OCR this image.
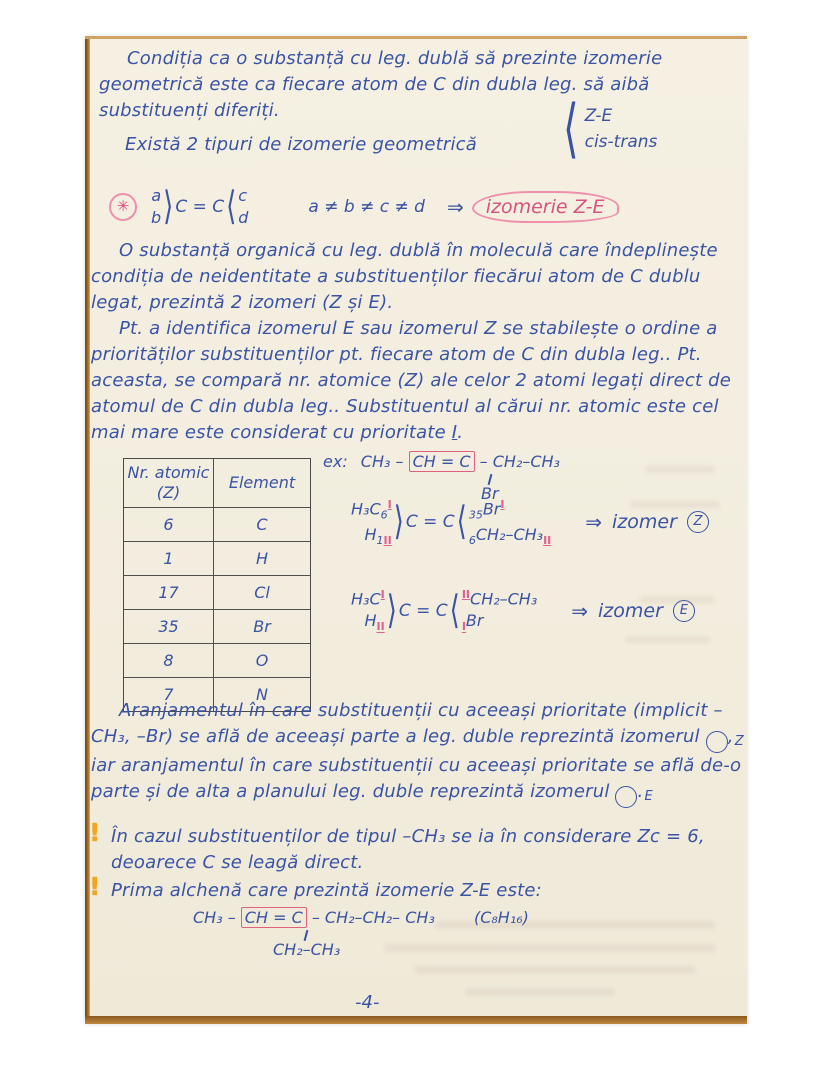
Condiția ca o substanță cu leg. dublă să prezinte izomerie geometrică este ca fiecare atom de C din dubla leg. să aibă substituenți diferiți.

Există 2 tipuri de izomerie geometrică ⟨ Z-E
cis-trans
✳
a
b ⟩ C = C ⟨ c
d
a ≠ b ≠ c ≠ d ⇒	izomerie Z-E

O substanță organică cu leg. dublă în moleculă care îndeplinește condiția de neidentitate a substituenților fiecărui atom de C dublu legat, prezintă 2 izomeri (Z și E).

Pt. a identifica izomerul E sau izomerul Z se stabilește o ordine a priorităților substituenților pt. fiecare atom de C din dubla leg.. Pt. aceasta, se compară nr. atomice (Z) ale celor 2 atomi legați direct de atomul de C din dubla leg.. Substituentul al cărui nr. atomic este cel mai mare este considerat cu prioritate I.

Nr. atomic (Z)
Element
6	C
1	H
17	Cl
35	Br
8	O
7	N
ex: CH₃ – CH = C – CH₂–CH₃
Br
$H_3C_6^I$
$H_{1II}$ ⟩ C = C ⟨ $_{35}Br^I$
$_6CH_2-CH_3_{II}$
⇒ izomer	Z
$H_3C^I$
$H_{II}$ ⟩ C = C ⟨ $^{II}$CH₂–CH₃
$_I$Br	⇒ izomer	E

Aranjamentul în care substituenții cu aceeași prioritate (implicit –CH₃, –Br) se află de aceeași parte a leg. duble reprezintă izomerul Z, iar aranjamentul în care substituenții cu aceeași prioritate se află de-o parte și de alta a planului leg. duble reprezintă izomerul E.

! În cazul substituenților de tipul –CH₃ se ia în considerare Zc = 6, deoarece C se leagă direct.
! Prima alchenă care prezintă izomerie Z-E este:
CH₃ – CH = C – CH₂–CH₂– CH₃ (C₈H₁₆)
CH₂–CH₃
-4-
